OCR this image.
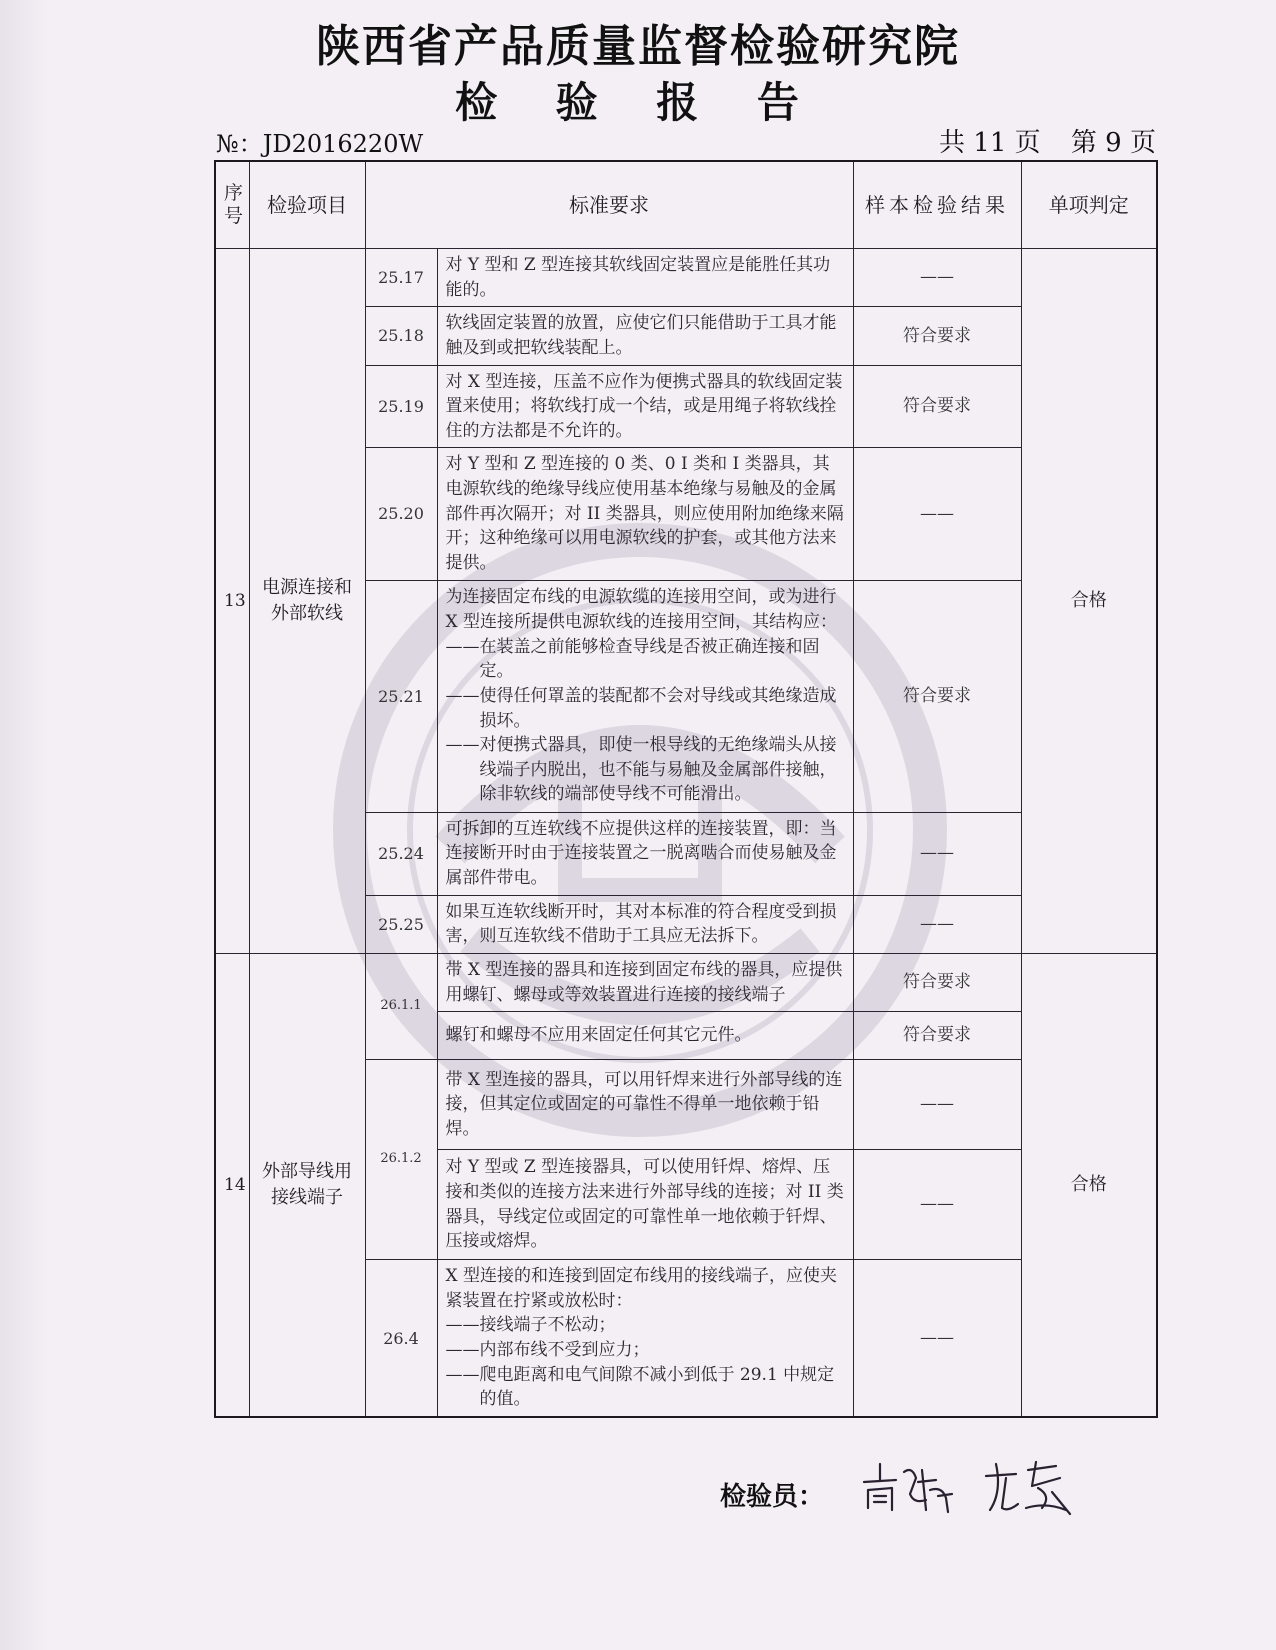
陕西省产品质量监督检验研究院
检 验 报 告
№：JD2016220W	共 11 页 第 9 页
序号	检验项目	标准要求		样本检验结果	单项判定
13	电源连接和外部软线	25.17	对 Y 型和 Z 型连接其软线固定装置应是能胜任其功能的。	——	合格
		25.18	软线固定装置的放置，应使它们只能借助于工具才能触及到或把软线装配上。	符合要求	
		25.19	对 X 型连接，压盖不应作为便携式器具的软线固定装置来使用；将软线打成一个结，或是用绳子将软线拴住的方法都是不允许的。	符合要求	
		25.20	对 Y 型和 Z 型连接的 0 类、0 I 类和 I 类器具，其电源软线的绝缘导线应使用基本绝缘与易触及的金属部件再次隔开；对 II 类器具，则应使用附加绝缘来隔开；这种绝缘可以用电源软线的护套，或其他方法来提供。	——	
		25.21	为连接固定布线的电源软缆的连接用空间，或为进行 X 型连接所提供电源软线的连接用空间，其结构应：
——在装盖之前能够检查导线是否被正确连接和固定。
——使得任何罩盖的装配都不会对导线或其绝缘造成损坏。
——对便携式器具，即使一根导线的无绝缘端头从接线端子内脱出，也不能与易触及金属部件接触，除非软线的端部使导线不可能滑出。	符合要求	
		25.24	可拆卸的互连软线不应提供这样的连接装置，即：当连接断开时由于连接装置之一脱离啮合而使易触及金属部件带电。	——	
		25.25	如果互连软线断开时，其对本标准的符合程度受到损害，则互连软线不借助于工具应无法拆下。	——	
14	外部导线用接线端子	26.1.1	带 X 型连接的器具和连接到固定布线的器具，应提供用螺钉、螺母或等效装置进行连接的接线端子	符合要求	合格
			螺钉和螺母不应用来固定任何其它元件。	符合要求	
		26.1.2	带 X 型连接的器具，可以用钎焊来进行外部导线的连接，但其定位或固定的可靠性不得单一地依赖于铅焊。	——	
			对 Y 型或 Z 型连接器具，可以使用钎焊、熔焊、压接和类似的连接方法来进行外部导线的连接；对 II 类器具，导线定位或固定的可靠性单一地依赖于钎焊、压接或熔焊。	——	
		26.4	X 型连接的和连接到固定布线用的接线端子，应使夹紧装置在拧紧或放松时：
——接线端子不松动；
——内部布线不受到应力；
——爬电距离和电气间隙不减小到低于 29.1 中规定的值。	——	
检验员：
